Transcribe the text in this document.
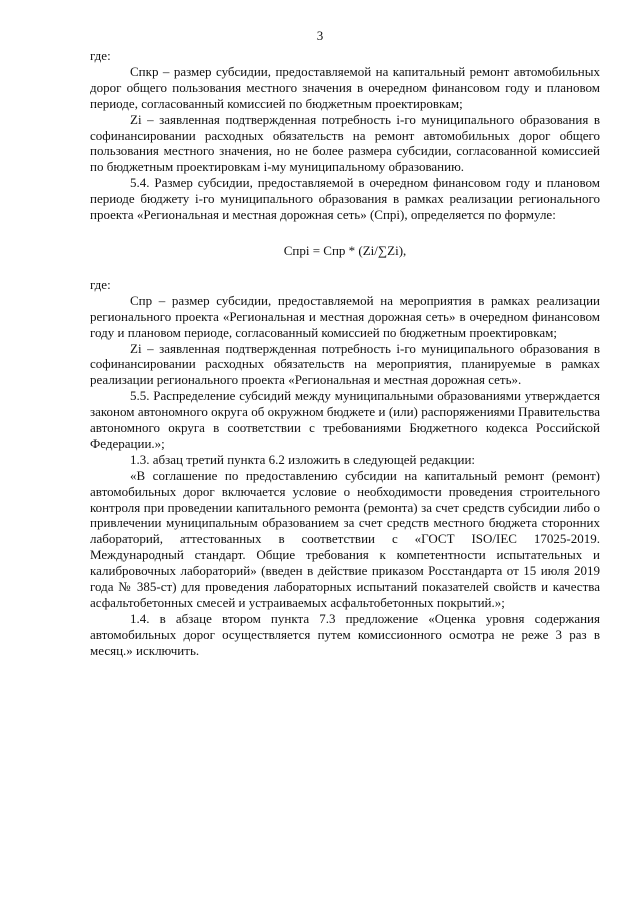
3

где:

Спкр – размер субсидии, предоставляемой на капитальный ремонт автомобильных дорог общего пользования местного значения в очередном финансовом году и плановом периоде, согласованный комиссией по бюджетным проектировкам;

Zi – заявленная подтвержденная потребность i-го муниципального образования в софинансировании расходных обязательств на ремонт автомобильных дорог общего пользования местного значения, но не более размера субсидии, согласованной комиссией по бюджетным проектировкам i-му муниципальному образованию.

5.4. Размер субсидии, предоставляемой в очередном финансовом году и плановом периоде бюджету i-го муниципального образования в рамках реализации регионального проекта «Региональная и местная дорожная сеть» (Спрi), определяется по формуле:

Спрi = Спр * (Zi/∑Zi),

где:

Спр – размер субсидии, предоставляемой на мероприятия в рамках реализации регионального проекта «Региональная и местная дорожная сеть» в очередном финансовом году и плановом периоде, согласованный комиссией по бюджетным проектировкам;

Zi – заявленная подтвержденная потребность i-го муниципального образования в софинансировании расходных обязательств на мероприятия, планируемые в рамках реализации регионального проекта «Региональная и местная дорожная сеть».

5.5. Распределение субсидий между муниципальными образованиями утверждается законом автономного округа об окружном бюджете и (или) распоряжениями Правительства автономного округа в соответствии с требованиями Бюджетного кодекса Российской Федерации.»;

1.3. абзац третий пункта 6.2 изложить в следующей редакции:

«В соглашение по предоставлению субсидии на капитальный ремонт (ремонт) автомобильных дорог включается условие о необходимости проведения строительного контроля при проведении капитального ремонта (ремонта) за счет средств субсидии либо о привлечении муниципальным образованием за счет средств местного бюджета сторонних лабораторий, аттестованных в соответствии с «ГОСТ ISO/IEC 17025-2019. Международный стандарт. Общие требования к компетентности испытательных и калибровочных лабораторий» (введен в действие приказом Росстандарта от 15 июля 2019 года № 385-ст) для проведения лабораторных испытаний показателей свойств и качества асфальтобетонных смесей и устраиваемых асфальтобетонных покрытий.»;

1.4. в абзаце втором пункта 7.3 предложение «Оценка уровня содержания автомобильных дорог осуществляется путем комиссионного осмотра не реже 3 раз в месяц.» исключить.
